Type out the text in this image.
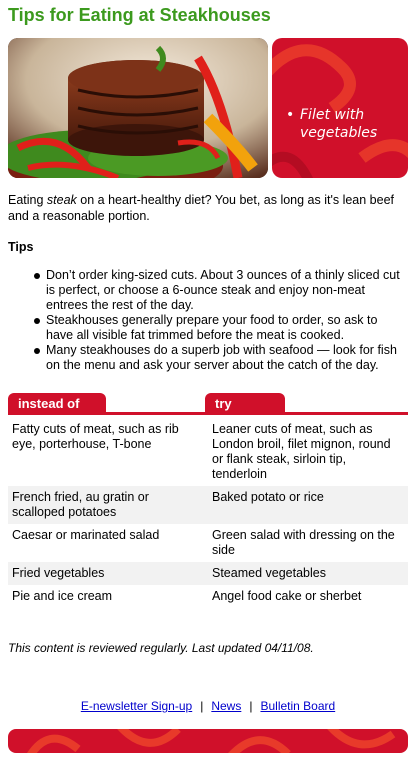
Tips for Eating at Steakhouses
• Filet with vegetables

Eating steak on a heart-healthy diet? You bet, as long as it's lean beef and a reasonable portion.

Tips
Don’t order king-sized cuts. About 3 ounces of a thinly sliced cut is perfect, or choose a 6-ounce steak and enjoy non-meat entrees the rest of the day.
Steakhouses generally prepare your food to order, so ask to have all visible fat trimmed before the meat is cooked.
Many steakhouses do a superb job with seafood — look for fish on the menu and ask your server about the catch of the day.
instead of	try
Fatty cuts of meat, such as rib eye, porterhouse, T-bone	Leaner cuts of meat, such as London broil, filet mignon, round or flank steak, sirloin tip, tenderloin
French fried, au gratin or scalloped potatoes	Baked potato or rice
Caesar or marinated salad	Green salad with dressing on the side
Fried vegetables	Steamed vegetables
Pie and ice cream	Angel food cake or sherbet

This content is reviewed regularly. Last updated 04/11/08.

E-newsletter Sign-up | News | Bulletin Board
